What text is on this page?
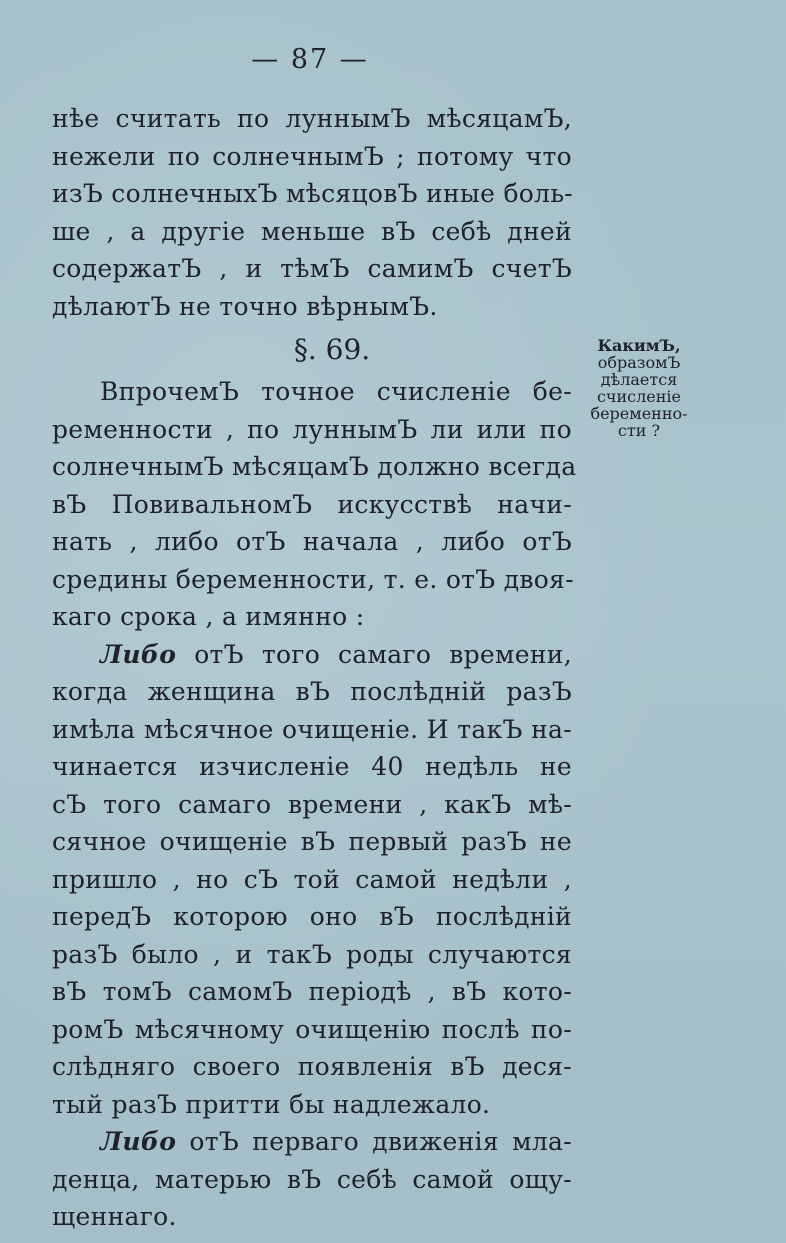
— 87 —
нѣе считать по луннымЪ мѣсяцамЪ,
нежели по солнечнымЪ ; потому что
изЪ солнечныхЪ мѣсяцовЪ иные боль-
ше , а другiе меньше вЪ себѣ дней
содержатЪ , и тѣмЪ самимЪ счетЪ
дѣлаютЪ не точно вѣрнымЪ.
§. 69.
ВпрочемЪ точное счисленiе бе-
ременности , по луннымЪ ли или по
солнечнымЪ мѣсяцамЪ должно всегда
вЪ ПовивальномЪ искусствѣ начи-
нать , либо отЪ начала , либо отЪ
средины беременности, т. е. отЪ двоя-
каго срока , а имянно :
Либо отЪ того самаго времени,
когда женщина вЪ послѣднiй разЪ
имѣла мѣсячное очищенiе. И такЪ на-
чинается изчисленiе 40 недѣль не
сЪ того самаго времени , какЪ мѣ-
сячное очищенiе вЪ первый разЪ не
пришло , но сЪ той самой недѣли ,
передЪ которою оно вЪ послѣднiй
разЪ было , и такЪ роды случаются
вЪ томЪ самомЪ перiодѣ , вЪ кото-
ромЪ мѣсячному очищенiю послѣ по-
слѣдняго своего появленiя вЪ деся-
тый разЪ притти бы надлежало.
Либо отЪ перваго движенiя мла-
денца, матерью вЪ себѣ самой ощу-
щеннаго.
КакимЪ,
образомЪ
дѣлается
счисленiе
беременно-
сти ?
